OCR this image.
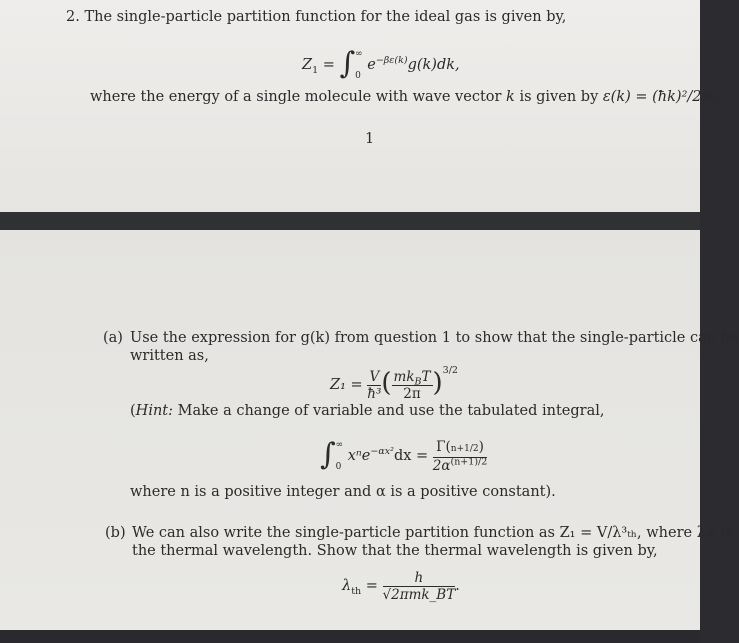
2. The single-particle partition function for the ideal gas is given by,
$Z_1$ = ∫ ∞
0
$e^{-\beta\varepsilon(k)}g(k)dk$,
where the energy of a single molecule with wave vector k is given by ε(k) = (ħk)²/2m.
1
(a) Use the expression for g(k) from question 1 to show that the single-particle can be
written as,
$Z_1 = \frac{V}{\text{ħ³}}$ ( $\frac{mk_BT}{2\pi} )^{3/2}$
(Hint: Make a change of variable and use the tabulated integral,
∫ ∞
0
$x^ne^{-\alpha x^2}dx = \frac{\Gamma(n+1/2)}{2\alpha^{(n+1)/2}}$
where n is a positive integer and α is a positive constant).
(b) We can also write the single-particle partition function as Z₁ = V/λ³ₜₕ, where λₜₕ is
the thermal wavelength. Show that the thermal wavelength is given by,
$\lambda_{th} = \frac{h}{\text{√2πmk\_BT}}$ .
